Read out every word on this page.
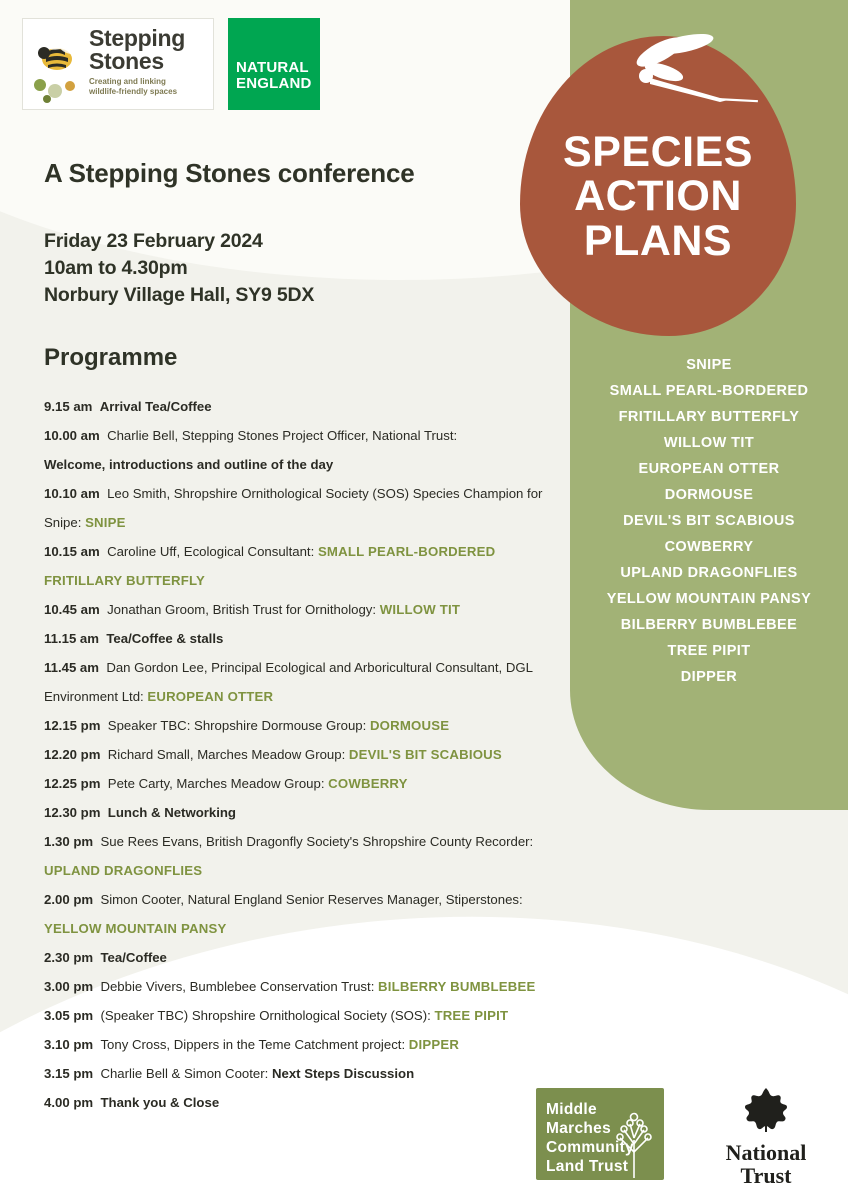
SPECIES
ACTION
PLANS
SNIPE
SMALL PEARL-BORDERED
FRITILLARY BUTTERFLY
WILLOW TIT
EUROPEAN OTTER
DORMOUSE
DEVIL'S BIT SCABIOUS
COWBERRY
UPLAND DRAGONFLIES
YELLOW MOUNTAIN PANSY
BILBERRY BUMBLEBEE
TREE PIPIT
DIPPER
Stepping
Stones
Creating and linking
wildlife-friendly spaces
NATURAL
ENGLAND
A Stepping Stones conference
Friday 23 February 2024
10am to 4.30pm
Norbury Village Hall, SY9 5DX
Programme
9.15 am  Arrival Tea/Coffee
10.00 am  Charlie Bell, Stepping Stones Project Officer, National Trust:
Welcome, introductions and outline of the day
10.10 am  Leo Smith, Shropshire Ornithological Society (SOS) Species Champion for Snipe: SNIPE
10.15 am  Caroline Uff, Ecological Consultant: SMALL PEARL-BORDERED FRITILLARY BUTTERFLY
10.45 am  Jonathan Groom, British Trust for Ornithology: WILLOW TIT
11.15 am  Tea/Coffee & stalls
11.45 am  Dan Gordon Lee, Principal Ecological and Arboricultural Consultant, DGL Environment Ltd: EUROPEAN OTTER
12.15 pm  Speaker TBC: Shropshire Dormouse Group: DORMOUSE
12.20 pm  Richard Small, Marches Meadow Group: DEVIL'S BIT SCABIOUS
12.25 pm  Pete Carty, Marches Meadow Group: COWBERRY
12.30 pm  Lunch & Networking
1.30 pm  Sue Rees Evans, British Dragonfly Society's Shropshire County Recorder: UPLAND DRAGONFLIES
2.00 pm  Simon Cooter, Natural England Senior Reserves Manager, Stiperstones: YELLOW MOUNTAIN PANSY
2.30 pm  Tea/Coffee
3.00 pm  Debbie Vivers, Bumblebee Conservation Trust: BILBERRY BUMBLEBEE
3.05 pm  (Speaker TBC) Shropshire Ornithological Society (SOS): TREE PIPIT
3.10 pm  Tony Cross, Dippers in the Teme Catchment project: DIPPER
3.15 pm  Charlie Bell & Simon Cooter: Next Steps Discussion
4.00 pm  Thank you & Close	Middle
Marches
Community
Land Trust
National
Trust
